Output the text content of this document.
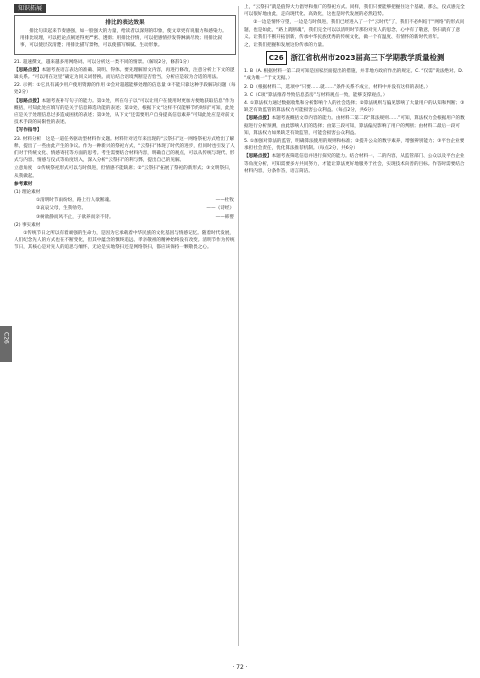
知识拓展
排比的表达效果
排比句读起来节奏感强，如一股强大的力量，给读者以深刻的印象，使文章更有说服力和感染力。用排比说理，可以把论点阐述得更严密、透彻；用排比抒情，可以把感情抒发得淋漓尽致；用排比叙事，可以使层次清楚；用排比描写景物，可以使描写细腻、生动形象。

21. 超速撰文，越来越多用网络词。可以分析这一类不同的情景。（解说2分，修辞1分）

【思路点拨】本题考查语言表达的准确、简明、得体。要先理解原文内容，再进行修改，注意分析上下文的逻辑关系。“可以用在这里”确定为同义词替换。而后结合语境判断是否恰当，分析应是较为合适的用法。

22. 示例：①它具有减少用户使用资源的作用 ②会对超越能够处理的信息量 ③不能只靠这种手段解决问题（每处2分）

【思路点拨】本题考查补写句子的能力。第①处，所在句子以“可以让用户在使用时更加方便地获取信息”作为概括，可知此处应填写的是关于信息筛选功能的表述；第②处，根据下文“这样不仅能够节约时间”可知，此处应是关于处理信息过多造成困扰的表述；第③处，从下文“还需要用户自身提高信息素养”可知此处应是对前文技术手段的局限性的表述。

【写作指导】

23. 材料分析　这是一道任务驱动型材料作文题。材料针对近年来出现的“云祭扫”这一网络祭祀方式给出了解释，提出了一些由此产生的争议。作为一种新兴的祭祀方式，“云祭扫”体现了时代的进步，但同时也引发了人们对于传统文化、情感寄托等方面的思考。考生需要结合材料内容，明确自己的观点，可以从传统与现代、形式与内容、情感与仪式等角度切入，深入分析“云祭扫”的利与弊，提出自己的见解。

立意角度　①传统祭祀形式可以与时俱进，但情感不能缺席；②“云祭扫”拓展了祭祀的新形式；③文明祭扫，从我做起。

参考素材

(1) 理论素材

①清明时节雨纷纷，路上行人欲断魂。	——杜牧

②哀哀父母，生我劬劳。	——《诗经》

③树欲静而风不止，子欲养而亲不待。	——韩婴

(2) 事实素材

①传统节日之所以有着顽强的生命力，是因为它承载着中华民族的文化基因与情感记忆。随着时代发展，人们纪念先人的方式也在不断变化，但其中蕴含的慎终追远、孝亲敬祖的精神始终没有改变。清明节作为传统节日，其核心是对先人的追思与缅怀，无论是实地祭扫还是网络祭扫，都应该保持一颗敬畏之心。

上，“云祭扫”就是值得大力倡导和推广的祭祀方式。同样，我们只要能够把握住这个基础，那么，仪式感完全可以很好地由此，走向现代化、高效化，这也是时代发展的必然趋势。

②一边是情怀守望，一边是与时俱进，我们已经进入了一个“云时代”了，我们不必纠结于“网络”的形式问题，也是如此，“路上就断魂”，我们完全可以以清明时节那份对先人的思念，心中有了敬意，祭扫就有了意义。让我们不断开拓创新，传承中华民族优秀的传统文化，做一个有温度、有情怀的新时代青年。

之，让我们把握和发展这份传承的力量。

C26 浙江省杭州市2023届高三下学期教学质量检测

1. B（A. 根据材料一第二段可知是国家层面提出的措施，并非地方政府作出的规定。C. “仅需”说法绝对。D. “成为唯一”于文无据。）

2. D（根据材料二，选项中“只要……就……”条件关系不成立，材料中并没有这样的表述。）

3. C（C项“算法推荐导致信息茧房”与材料观点一致，能够支撑观点。）

4. ①算法权力通过数据收集和分析影响个人的社会选择；②算法规则与偏见影响了大量用户的认知和判断；③缺乏有效监管的算法权力可能损害公众利益。（每点2分，共6分）

【思路点拨】本题考查概括文章内容的能力。由材料二第二段“算法规则……”可知，算法权力会根据用户的数据进行分析预测，由此影响人们的选择；由第三段可知，算法偏见影响了用户的判断；由材料二最后一段可知，算法权力如果缺乏有效监管，可能会损害公众利益。

5. ①加强对算法的监管，明确算法使用的规则和标准；②提升公众的数字素养，增强辨别能力；③平台企业要承担社会责任，优化算法推荐机制。（每点2分，共6分）

【思路点拨】本题考查筛选信息并进行探究的能力。结合材料一、二的内容，从监管部门、公众以及平台企业等角度分析，可知需要多方共同努力，才能让算法更好地服务于社会，实现技术向善的目标。作答时需要结合材料内容，分条作答，语言简洁。

C26
· 72 ·
